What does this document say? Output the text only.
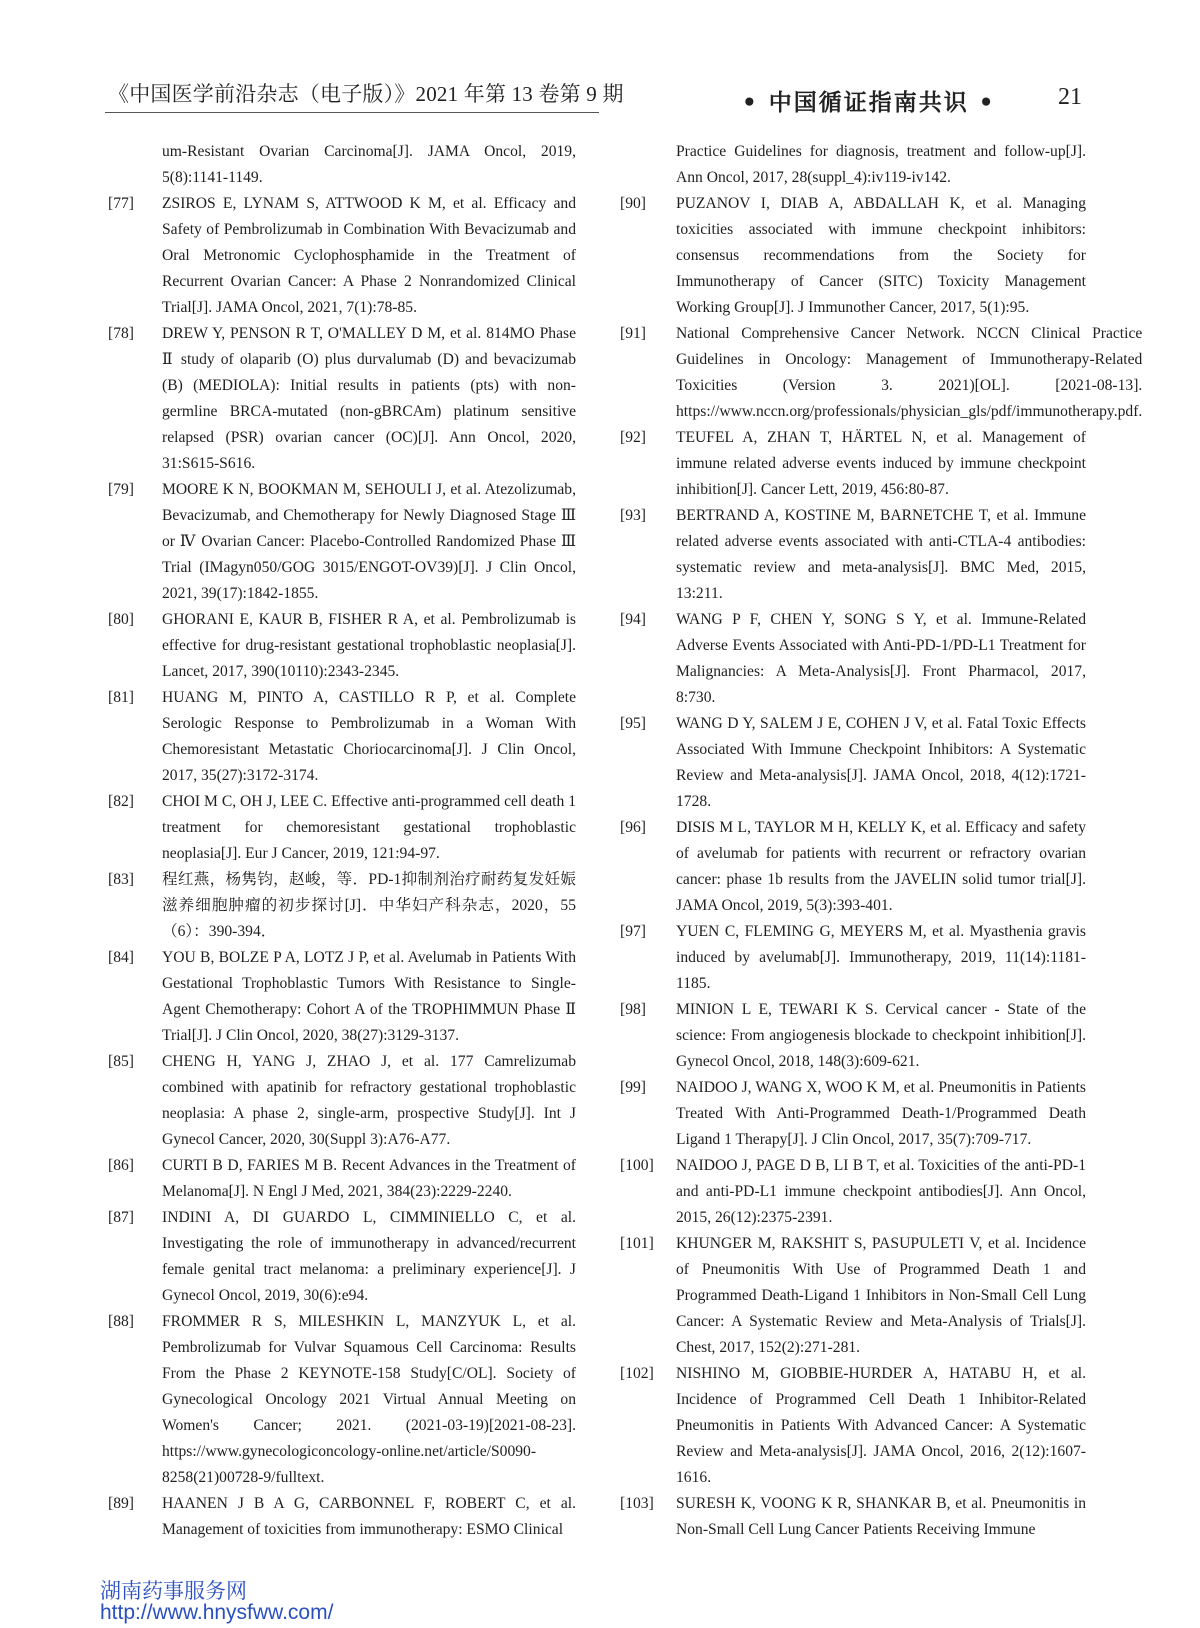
《中国医学前沿杂志（电子版）》2021 年第 13 卷第 9 期	• 中国循证指南共识 •	21
um-Resistant Ovarian Carcinoma[J]. JAMA Oncol, 2019, 5(8):1141-1149.
[77]	ZSIROS E, LYNAM S, ATTWOOD K M, et al. Efficacy and Safety of Pembrolizumab in Combination With Bevacizumab and Oral Metronomic Cyclophosphamide in the Treatment of Recurrent Ovarian Cancer: A Phase 2 Nonrandomized Clinical Trial[J]. JAMA Oncol, 2021, 7(1):78-85.
[78]	DREW Y, PENSON R T, O'MALLEY D M, et al. 814MO Phase Ⅱ study of olaparib (O) plus durvalumab (D) and bevacizumab (B) (MEDIOLA): Initial results in patients (pts) with non-germline BRCA-mutated (non-gBRCAm) platinum sensitive relapsed (PSR) ovarian cancer (OC)[J]. Ann Oncol, 2020, 31:S615-S616.
[79]	MOORE K N, BOOKMAN M, SEHOULI J, et al. Atezolizumab, Bevacizumab, and Chemotherapy for Newly Diagnosed Stage Ⅲ or Ⅳ Ovarian Cancer: Placebo-Controlled Randomized Phase Ⅲ Trial (IMagyn050/GOG 3015/ENGOT-OV39)[J]. J Clin Oncol, 2021, 39(17):1842-1855.
[80]	GHORANI E, KAUR B, FISHER R A, et al. Pembrolizumab is effective for drug-resistant gestational trophoblastic neoplasia[J]. Lancet, 2017, 390(10110):2343-2345.
[81]	HUANG M, PINTO A, CASTILLO R P, et al. Complete Serologic Response to Pembrolizumab in a Woman With Chemoresistant Metastatic Choriocarcinoma[J]. J Clin Oncol, 2017, 35(27):3172-3174.
[82]	CHOI M C, OH J, LEE C. Effective anti-programmed cell death 1 treatment for chemoresistant gestational trophoblastic neoplasia[J]. Eur J Cancer, 2019, 121:94-97.
[83]	程红燕，杨隽钧，赵峻，等．PD-1抑制剂治疗耐药复发妊娠滋养细胞肿瘤的初步探讨[J]．中华妇产科杂志，2020，55（6）：390-394．
[84]	YOU B, BOLZE P A, LOTZ J P, et al. Avelumab in Patients With Gestational Trophoblastic Tumors With Resistance to Single-Agent Chemotherapy: Cohort A of the TROPHIMMUN Phase Ⅱ Trial[J]. J Clin Oncol, 2020, 38(27):3129-3137.
[85]	CHENG H, YANG J, ZHAO J, et al. 177 Camrelizumab combined with apatinib for refractory gestational trophoblastic neoplasia: A phase 2, single-arm, prospective Study[J]. Int J Gynecol Cancer, 2020, 30(Suppl 3):A76-A77.
[86]	CURTI B D, FARIES M B. Recent Advances in the Treatment of Melanoma[J]. N Engl J Med, 2021, 384(23):2229-2240.
[87]	INDINI A, DI GUARDO L, CIMMINIELLO C, et al. Investigating the role of immunotherapy in advanced/recurrent female genital tract melanoma: a preliminary experience[J]. J Gynecol Oncol, 2019, 30(6):e94.
[88]	FROMMER R S, MILESHKIN L, MANZYUK L, et al. Pembrolizumab for Vulvar Squamous Cell Carcinoma: Results From the Phase 2 KEYNOTE-158 Study[C/OL]. Society of Gynecological Oncology 2021 Virtual Annual Meeting on Women's Cancer; 2021. (2021-03-19)[2021-08-23]. https://www.gynecologiconcology-online.net/article/S0090-8258(21)00728-9/fulltext.
[89]	HAANEN J B A G, CARBONNEL F, ROBERT C, et al. Management of toxicities from immunotherapy: ESMO Clinical
Practice Guidelines for diagnosis, treatment and follow-up[J]. Ann Oncol, 2017, 28(suppl_4):iv119-iv142.
[90]	PUZANOV I, DIAB A, ABDALLAH K, et al. Managing toxicities associated with immune checkpoint inhibitors: consensus recommendations from the Society for Immunotherapy of Cancer (SITC) Toxicity Management Working Group[J]. J Immunother Cancer, 2017, 5(1):95.
[91]	National Comprehensive Cancer Network. NCCN Clinical Practice Guidelines in Oncology: Management of Immunotherapy-Related Toxicities (Version 3. 2021)[OL]. [2021-08-13]. https://www.nccn.org/professionals/physician_gls/pdf/immunotherapy.pdf.
[92]	TEUFEL A, ZHAN T, HÄRTEL N, et al. Management of immune related adverse events induced by immune checkpoint inhibition[J]. Cancer Lett, 2019, 456:80-87.
[93]	BERTRAND A, KOSTINE M, BARNETCHE T, et al. Immune related adverse events associated with anti-CTLA-4 antibodies: systematic review and meta-analysis[J]. BMC Med, 2015, 13:211.
[94]	WANG P F, CHEN Y, SONG S Y, et al. Immune-Related Adverse Events Associated with Anti-PD-1/PD-L1 Treatment for Malignancies: A Meta-Analysis[J]. Front Pharmacol, 2017, 8:730.
[95]	WANG D Y, SALEM J E, COHEN J V, et al. Fatal Toxic Effects Associated With Immune Checkpoint Inhibitors: A Systematic Review and Meta-analysis[J]. JAMA Oncol, 2018, 4(12):1721-1728.
[96]	DISIS M L, TAYLOR M H, KELLY K, et al. Efficacy and safety of avelumab for patients with recurrent or refractory ovarian cancer: phase 1b results from the JAVELIN solid tumor trial[J]. JAMA Oncol, 2019, 5(3):393-401.
[97]	YUEN C, FLEMING G, MEYERS M, et al. Myasthenia gravis induced by avelumab[J]. Immunotherapy, 2019, 11(14):1181-1185.
[98]	MINION L E, TEWARI K S. Cervical cancer - State of the science: From angiogenesis blockade to checkpoint inhibition[J]. Gynecol Oncol, 2018, 148(3):609-621.
[99]	NAIDOO J, WANG X, WOO K M, et al. Pneumonitis in Patients Treated With Anti-Programmed Death-1/Programmed Death Ligand 1 Therapy[J]. J Clin Oncol, 2017, 35(7):709-717.
[100]	NAIDOO J, PAGE D B, LI B T, et al. Toxicities of the anti-PD-1 and anti-PD-L1 immune checkpoint antibodies[J]. Ann Oncol, 2015, 26(12):2375-2391.
[101]	KHUNGER M, RAKSHIT S, PASUPULETI V, et al. Incidence of Pneumonitis With Use of Programmed Death 1 and Programmed Death-Ligand 1 Inhibitors in Non-Small Cell Lung Cancer: A Systematic Review and Meta-Analysis of Trials[J]. Chest, 2017, 152(2):271-281.
[102]	NISHINO M, GIOBBIE-HURDER A, HATABU H, et al. Incidence of Programmed Cell Death 1 Inhibitor-Related Pneumonitis in Patients With Advanced Cancer: A Systematic Review and Meta-analysis[J]. JAMA Oncol, 2016, 2(12):1607-1616.
[103]	SURESH K, VOONG K R, SHANKAR B, et al. Pneumonitis in Non-Small Cell Lung Cancer Patients Receiving Immune
湖南药事服务网
http://www.hnysfww.com/
